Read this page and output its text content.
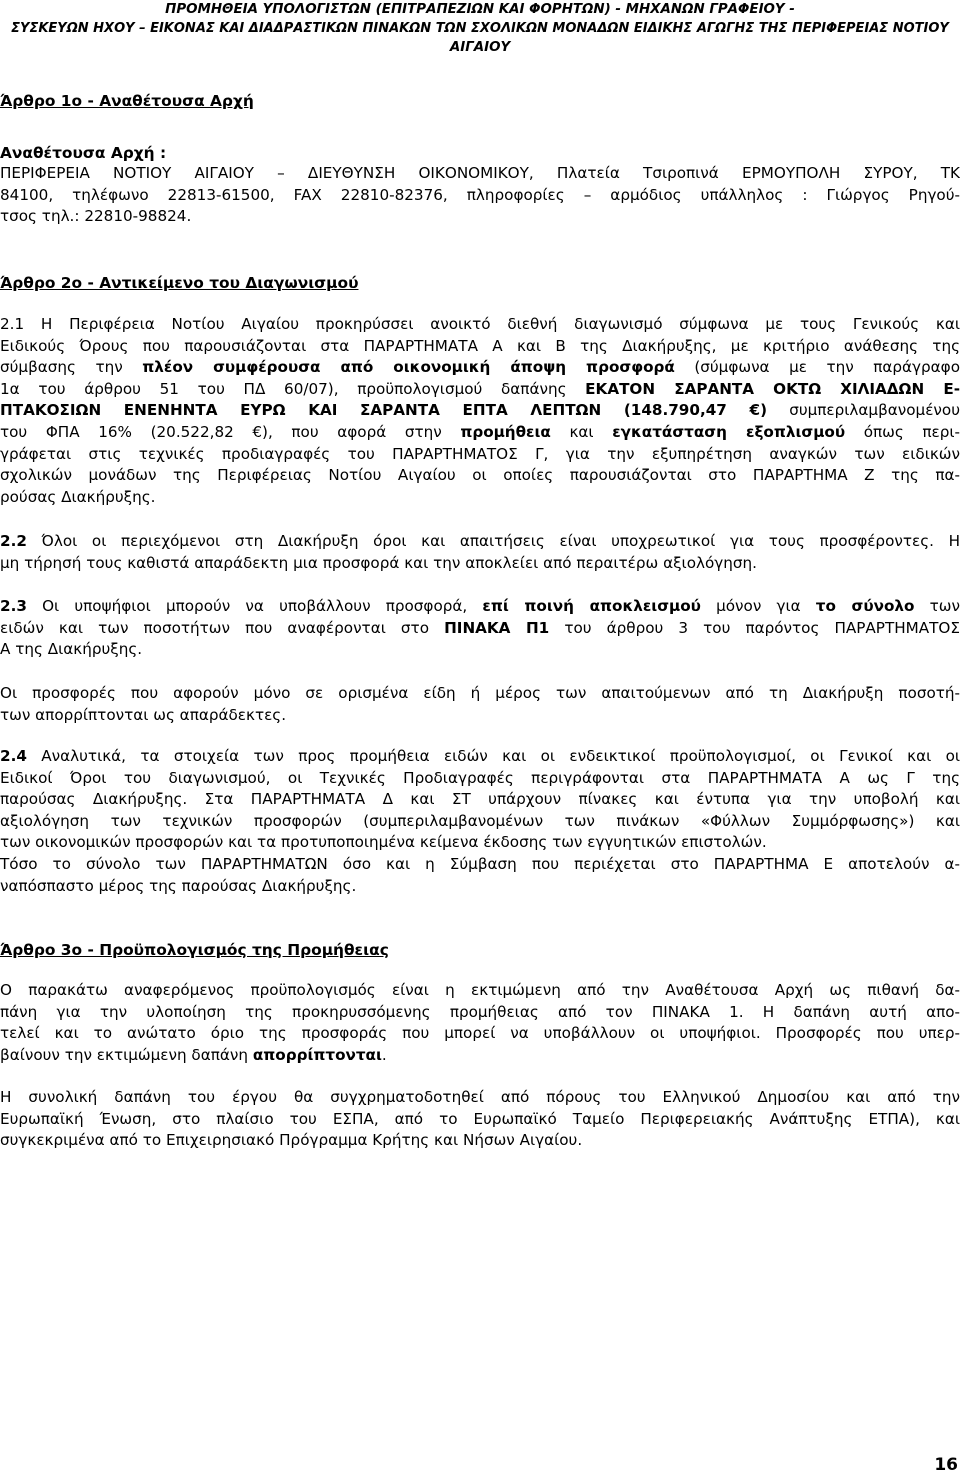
ΠΡΟΜΗΘΕΙΑ ΥΠΟΛΟΓΙΣΤΩΝ (ΕΠΙΤΡΑΠΕΖΙΩΝ ΚΑΙ ΦΟΡΗΤΩΝ) - ΜΗΧΑΝΩΝ ΓΡΑΦΕΙΟΥ -
ΣΥΣΚΕΥΩΝ ΗΧΟΥ – ΕΙΚΟΝΑΣ ΚΑΙ ΔΙΑΔΡΑΣΤΙΚΩΝ ΠΙΝΑΚΩΝ ΤΩΝ ΣΧΟΛΙΚΩΝ ΜΟΝΑΔΩΝ ΕΙΔΙΚΗΣ ΑΓΩΓΗΣ ΤΗΣ ΠΕΡΙΦΕΡΕΙΑΣ ΝΟΤΙΟΥ
ΑΙΓΑΙΟΥ
Άρθρο 1ο - Αναθέτουσα Αρχή
Αναθέτουσα Αρχή :
ΠΕΡΙΦΕΡΕΙΑ ΝΟΤΙΟΥ ΑΙΓΑΙΟΥ – ΔΙΕΥΘΥΝΣΗ ΟΙΚΟΝΟΜΙΚΟΥ, Πλατεία Τσιροπινά ΕΡΜΟΥΠΟΛΗ ΣΥΡΟΥ, ΤΚ
84100, τηλέφωνο 22813-61500, FAX 22810-82376, πληροφορίες – αρμόδιος υπάλληλος : Γιώργος Ρηγού-
τσος τηλ.: 22810-98824.
Άρθρο 2ο - Αντικείμενο του Διαγωνισμού
2.1 Η Περιφέρεια Νοτίου Αιγαίου προκηρύσσει ανοικτό διεθνή διαγωνισμό σύμφωνα με τους Γενικούς και
Ειδικούς Όρους που παρουσιάζονται στα ΠΑΡΑΡΤΗΜΑΤΑ Α και Β της Διακήρυξης, με κριτήριο ανάθεσης της
σύμβασης την πλέον συμφέρουσα από οικονομική άποψη προσφορά (σύμφωνα με την παράγραφο
1α του άρθρου 51 του ΠΔ 60/07), προϋπολογισμού δαπάνης ΕΚΑΤΟΝ ΣΑΡΑΝΤΑ ΟΚΤΩ ΧΙΛΙΑΔΩΝ Ε-
ΠΤΑΚΟΣΙΩΝ ΕΝΕΝΗΝΤΑ ΕΥΡΩ ΚΑΙ ΣΑΡΑΝΤΑ ΕΠΤΑ ΛΕΠΤΩΝ (148.790,47 €) συμπεριλαμβανομένου
του ΦΠΑ 16% (20.522,82 €), που αφορά στην προμήθεια και εγκατάσταση εξοπλισμού όπως περι-
γράφεται στις τεχνικές προδιαγραφές του ΠΑΡΑΡΤΗΜΑΤΟΣ Γ, για την εξυπηρέτηση αναγκών των ειδικών
σχολικών μονάδων της Περιφέρειας Νοτίου Αιγαίου οι οποίες παρουσιάζονται στο ΠΑΡΑΡΤΗΜΑ Ζ της πα-
ρούσας Διακήρυξης.
2.2 Όλοι οι περιεχόμενοι στη Διακήρυξη όροι και απαιτήσεις είναι υποχρεωτικοί για τους προσφέροντες. Η
μη τήρησή τους καθιστά απαράδεκτη μια προσφορά και την αποκλείει από περαιτέρω αξιολόγηση.
2.3 Οι υποψήφιοι μπορούν να υποβάλλουν προσφορά, επί ποινή αποκλεισμού μόνον για το σύνολο των
ειδών και των ποσοτήτων που αναφέρονται στο ΠΙΝΑΚΑ Π1 του άρθρου 3 του παρόντος ΠΑΡΑΡΤΗΜΑΤΟΣ
Α της Διακήρυξης.
Οι προσφορές που αφορούν μόνο σε ορισμένα είδη ή μέρος των απαιτούμενων από τη Διακήρυξη ποσοτή-
των απορρίπτονται ως απαράδεκτες.
2.4 Αναλυτικά, τα στοιχεία των προς προμήθεια ειδών και οι ενδεικτικοί προϋπολογισμοί, οι Γενικοί και οι
Ειδικοί Όροι του διαγωνισμού, οι Τεχνικές Προδιαγραφές περιγράφονται στα ΠΑΡΑΡΤΗΜΑΤΑ Α ως Γ της
παρούσας Διακήρυξης. Στα ΠΑΡΑΡΤΗΜΑΤΑ Δ και ΣΤ υπάρχουν πίνακες και έντυπα για την υποβολή και
αξιολόγηση των τεχνικών προσφορών (συμπεριλαμβανομένων των πινάκων «Φύλλων Συμμόρφωσης») και
των οικονομικών προσφορών και τα προτυποποιημένα κείμενα έκδοσης των εγγυητικών επιστολών.
Τόσο το σύνολο των ΠΑΡΑΡΤΗΜΑΤΩΝ όσο και η Σύμβαση που περιέχεται στο ΠΑΡΑΡΤΗΜΑ Ε αποτελούν α-
ναπόσπαστο μέρος της παρούσας Διακήρυξης.
Άρθρο 3ο - Προϋπολογισμός της Προμήθειας
Ο παρακάτω αναφερόμενος προϋπολογισμός είναι η εκτιμώμενη από την Αναθέτουσα Αρχή ως πιθανή δα-
πάνη για την υλοποίηση της προκηρυσσόμενης προμήθειας από τον ΠΙΝΑΚΑ 1. Η δαπάνη αυτή απο-
τελεί και το ανώτατο όριο της προσφοράς που μπορεί να υποβάλλουν οι υποψήφιοι. Προσφορές που υπερ-
βαίνουν την εκτιμώμενη δαπάνη απορρίπτονται.
Η συνολική δαπάνη του έργου θα συγχρηματοδοτηθεί από πόρους του Ελληνικού Δημοσίου και από την
Ευρωπαϊκή Ένωση, στο πλαίσιο του ΕΣΠΑ, από το Ευρωπαϊκό Ταμείο Περιφερειακής Ανάπτυξης ΕΤΠΑ), και
συγκεκριμένα από το Επιχειρησιακό Πρόγραμμα Κρήτης και Νήσων Αιγαίου.
16
